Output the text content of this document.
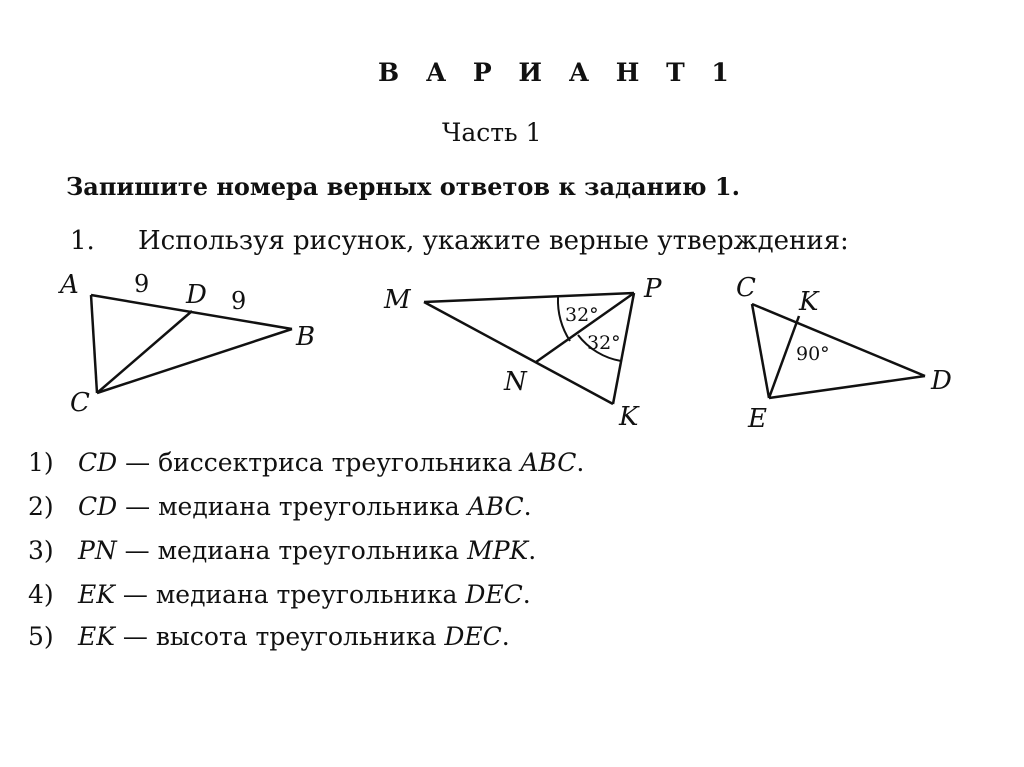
В А Р И А Н Т 1
Часть 1
Запишите номера верных ответов к заданию 1.
1. Используя рисунок, укажите верные утверждения:
A
B
C
D
9
9	M	P
K
N
32°
32°
C
D
E
K
90°
1) CD — биссектриса треугольника ABC.
2) CD — медиана треугольника ABC.
3) PN — медиана треугольника MPK.
4) EK — медиана треугольника DEC.
5) EK — высота треугольника DEC.
